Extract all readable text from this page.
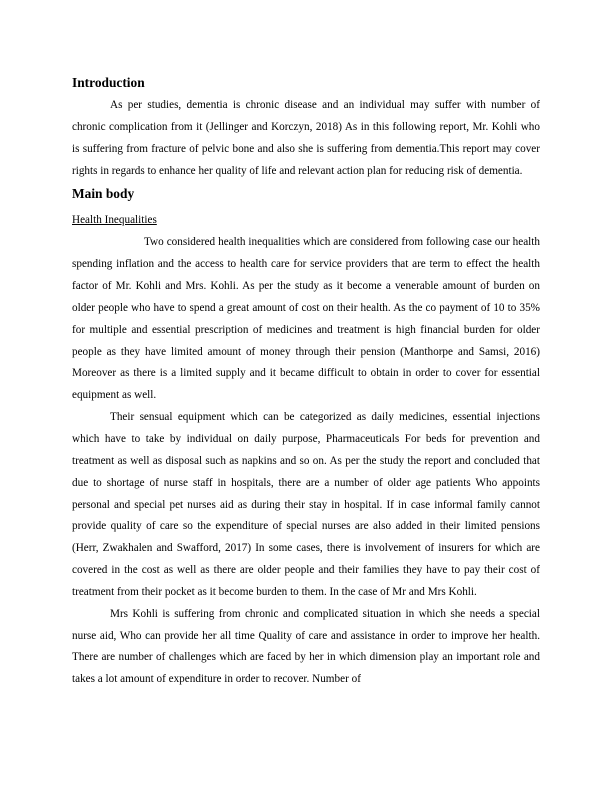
Introduction

As per studies, dementia is chronic disease and an individual may suffer with number of chronic complication from it (Jellinger and Korczyn, 2018) As in this following report, Mr. Kohli who is suffering from fracture of pelvic bone and also she is suffering from dementia.This report may cover rights in regards to enhance her quality of life and relevant action plan for reducing risk of dementia.

Main body
Health Inequalities

Two considered health inequalities which are considered from following case our health spending inflation and the access to health care for service providers that are term to effect the health factor of Mr. Kohli and Mrs. Kohli. As per the study as it become a venerable amount of burden on older people who have to spend a great amount of cost on their health. As the co payment of 10 to 35% for multiple and essential prescription of medicines and treatment is high financial burden for older people as they have limited amount of money through their pension (Manthorpe and Samsi, 2016) Moreover as there is a limited supply and it became difficult to obtain in order to cover for essential equipment as well.

Their sensual equipment which can be categorized as daily medicines, essential injections which have to take by individual on daily purpose, Pharmaceuticals For beds for prevention and treatment as well as disposal such as napkins and so on. As per the study the report and concluded that due to shortage of nurse staff in hospitals, there are a number of older age patients Who appoints personal and special pet nurses aid as during their stay in hospital. If in case informal family cannot provide quality of care so the expenditure of special nurses are also added in their limited pensions (Herr, Zwakhalen and Swafford, 2017) In some cases, there is involvement of insurers for which are covered in the cost as well as there are older people and their families they have to pay their cost of treatment from their pocket as it become burden to them. In the case of Mr and Mrs Kohli.

Mrs Kohli is suffering from chronic and complicated situation in which she needs a special nurse aid, Who can provide her all time Quality of care and assistance in order to improve her health. There are number of challenges which are faced by her in which dimension play an important role and takes a lot amount of expenditure in order to recover. Number of
